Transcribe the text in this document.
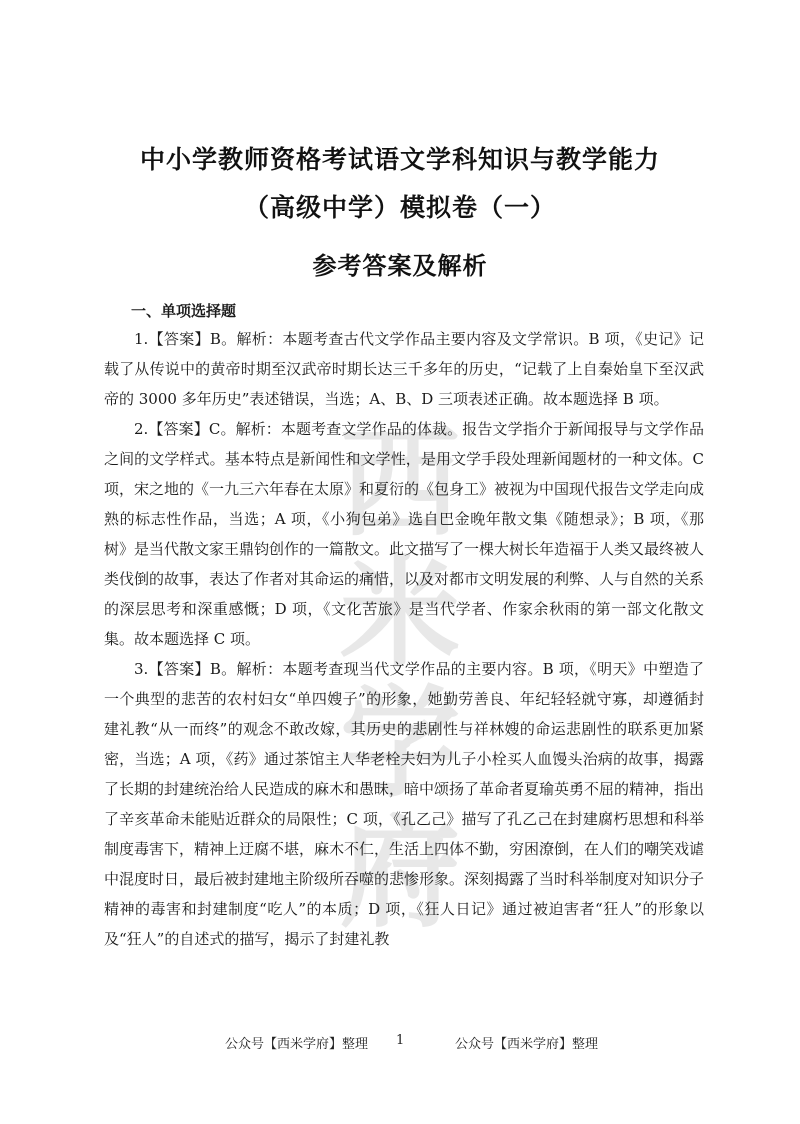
西米学府
中小学教师资格考试语文学科知识与教学能力
（高级中学）模拟卷（一）
参考答案及解析
一、单项选择题

1.【答案】B。解析：本题考查古代文学作品主要内容及文学常识。B 项，《史记》记载了从传说中的黄帝时期至汉武帝时期长达三千多年的历史，“记载了上自秦始皇下至汉武帝的 3000 多年历史”表述错误，当选；A、B、D 三项表述正确。故本题选择 B 项。

2.【答案】C。解析：本题考查文学作品的体裁。报告文学指介于新闻报导与文学作品之间的文学样式。基本特点是新闻性和文学性，是用文学手段处理新闻题材的一种文体。C 项，宋之地的《一九三六年春在太原》和夏衍的《包身工》被视为中国现代报告文学走向成熟的标志性作品，当选；A 项，《小狗包弟》选自巴金晚年散文集《随想录》；B 项，《那树》是当代散文家王鼎钧创作的一篇散文。此文描写了一棵大树长年造福于人类又最终被人类伐倒的故事，表达了作者对其命运的痛惜，以及对都市文明发展的利弊、人与自然的关系的深层思考和深重感慨；D 项，《文化苦旅》是当代学者、作家余秋雨的第一部文化散文集。故本题选择 C 项。

3.【答案】B。解析：本题考查现当代文学作品的主要内容。B 项，《明天》中塑造了一个典型的悲苦的农村妇女“单四嫂子”的形象，她勤劳善良、年纪轻轻就守寡，却遵循封建礼教“从一而终”的观念不敢改嫁，其历史的悲剧性与祥林嫂的命运悲剧性的联系更加紧密，当选；A 项，《药》通过茶馆主人华老栓夫妇为儿子小栓买人血馒头治病的故事，揭露了长期的封建统治给人民造成的麻木和愚昧，暗中颂扬了革命者夏瑜英勇不屈的精神，指出了辛亥革命未能贴近群众的局限性；C 项，《孔乙己》描写了孔乙己在封建腐朽思想和科举制度毒害下，精神上迂腐不堪，麻木不仁，生活上四体不勤，穷困潦倒，在人们的嘲笑戏谑中混度时日，最后被封建地主阶级所吞噬的悲惨形象。深刻揭露了当时科举制度对知识分子精神的毒害和封建制度“吃人”的本质；D 项，《狂人日记》通过被迫害者“狂人”的形象以及“狂人”的自述式的描写，揭示了封建礼教

公众号【西米学府】整理 1	公众号【西米学府】整理
